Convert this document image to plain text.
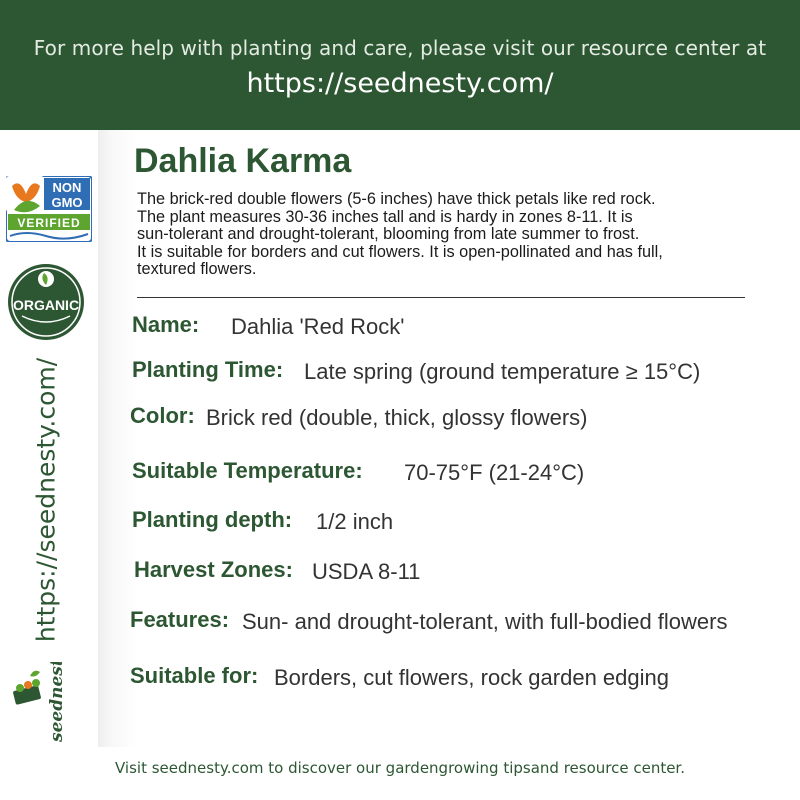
For more help with planting and care, please visit our resource center at
https://seednesty.com/
NON
GMO
VERIFIED
ORGANIC
https://seednesty.com/
seednesty
Dahlia Karma
The brick-red double flowers (5-6 inches) have thick petals like red rock.
The plant measures 30-36 inches tall and is hardy in zones 8-11. It is
sun-tolerant and drought-tolerant, blooming from late summer to frost.
It is suitable for borders and cut flowers. It is open-pollinated and has full,
textured flowers.
Name: Dahlia 'Red Rock'
Planting Time: Late spring (ground temperature ≥ 15°C)
Color: Brick red (double, thick, glossy flowers)
Suitable Temperature: 70-75°F (21-24°C)
Planting depth: 1/2 inch
Harvest Zones: USDA 8-11
Features: Sun- and drought-tolerant, with full-bodied flowers
Suitable for: Borders, cut flowers, rock garden edging
Visit seednesty.com to discover our gardengrowing tipsand resource center.
